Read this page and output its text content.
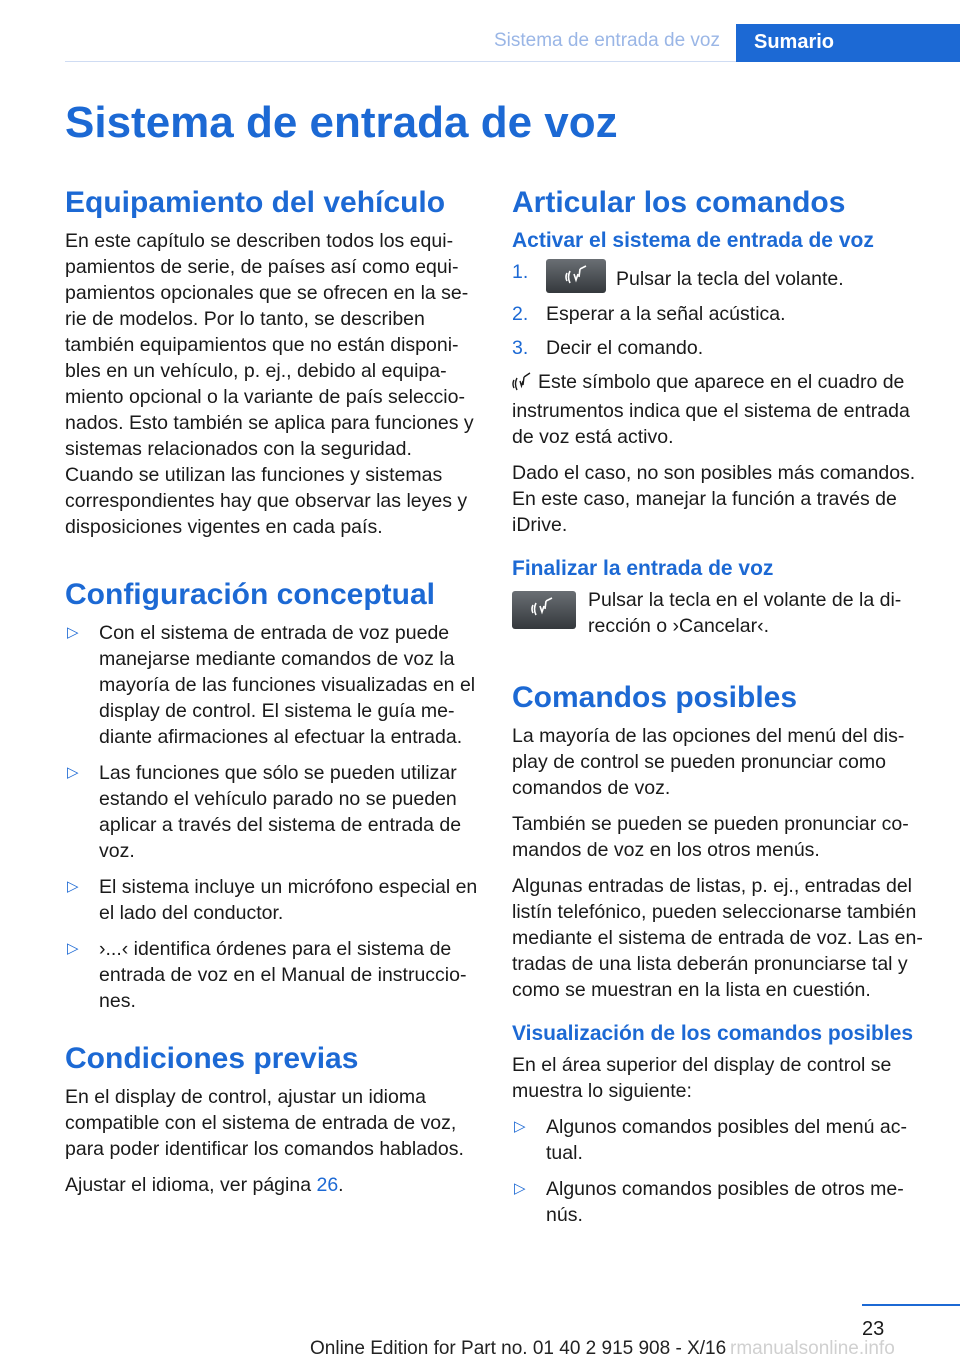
Sistema de entrada de voz	Sumario
Sistema de entrada de voz
Equipamiento del vehículo

En este capítulo se describen todos los equipamientos de serie, de países así como equipamientos opcionales que se ofrecen en la serie de modelos. Por lo tanto, se describen también equipamientos que no están disponibles en un vehículo, p. ej., debido al equipamiento opcional o la variante de país seleccionados. Esto también se aplica para funciones y sistemas relacionados con la seguridad. Cuando se utilizan las funciones y sistemas correspondientes hay que observar las leyes y disposiciones vigentes en cada país.

Configuración conceptual
▷ Con el sistema de entrada de voz puede manejarse mediante comandos de voz la mayoría de las funciones visualizadas en el display de control. El sistema le guía mediante afirmaciones al efectuar la entrada.
▷ Las funciones que sólo se pueden utilizar estando el vehículo parado no se pueden aplicar a través del sistema de entrada de voz.
▷ El sistema incluye un micrófono especial en el lado del conductor.
▷ ›...‹ identifica órdenes para el sistema de entrada de voz en el Manual de instrucciones.
Condiciones previas

En el display de control, ajustar un idioma compatible con el sistema de entrada de voz, para poder identificar los comandos hablados.

Ajustar el idioma, ver página 26.

Articular los comandos
Activar el sistema de entrada de voz
1.	Pulsar la tecla del volante.
2. Esperar a la señal acústica.
3. Decir el comando.

Este símbolo que aparece en el cuadro de instrumentos indica que el sistema de entrada de voz está activo.

Dado el caso, no son posibles más comandos. En este caso, manejar la función a través de iDrive.

Finalizar la entrada de voz

Pulsar la tecla en el volante de la dirección o ›Cancelar‹.

Comandos posibles

La mayoría de las opciones del menú del display de control se pueden pronunciar como comandos de voz.

También se pueden se pueden pronunciar comandos de voz en los otros menús.

Algunas entradas de listas, p. ej., entradas del listín telefónico, pueden seleccionarse también mediante el sistema de entrada de voz. Las entradas de una lista deberán pronunciarse tal y como se muestran en la lista en cuestión.

Visualización de los comandos posibles

En el área superior del display de control se muestra lo siguiente:

▷ Algunos comandos posibles del menú actual.
▷ Algunos comandos posibles de otros menús.
23
Online Edition for Part no. 01 40 2 915 908 - X/16 rmanualsonline.info
